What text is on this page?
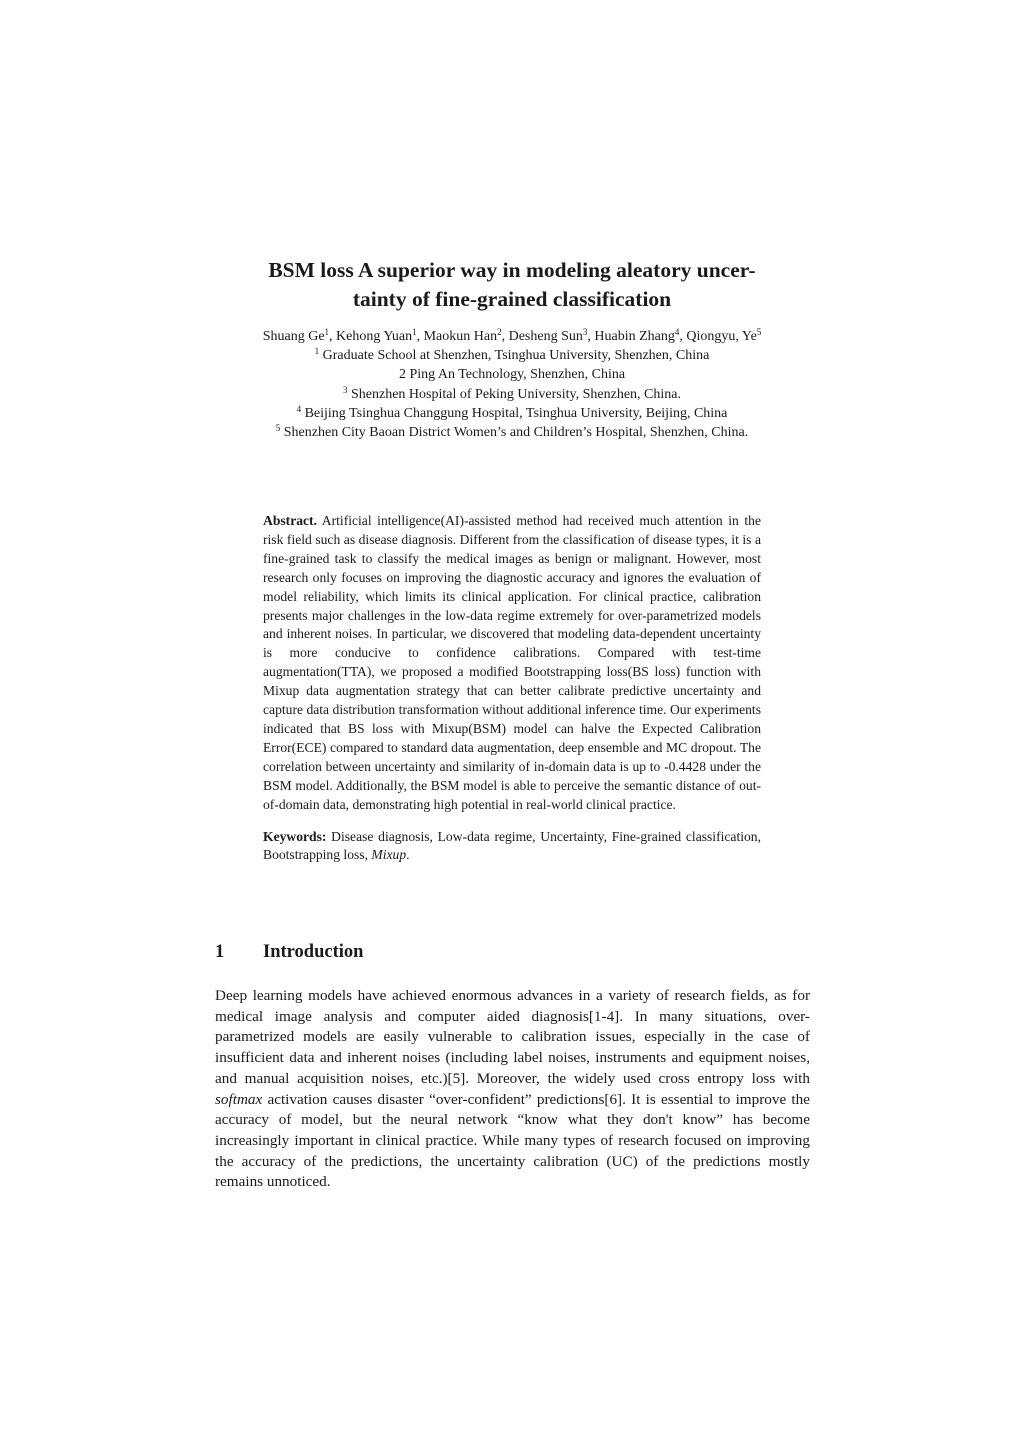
BSM loss A superior way in modeling aleatory uncer-
tainty of fine-grained classification
Shuang Ge$^1$, Kehong Yuan$^1$, Maokun Han$^2$, Desheng Sun$^3$, Huabin Zhang$^4$, Qiongyu, Ye$^5$
$^1$ Graduate School at Shenzhen, Tsinghua University, Shenzhen, China
2 Ping An Technology, Shenzhen, China
$^3$ Shenzhen Hospital of Peking University, Shenzhen, China.
$^4$ Beijing Tsinghua Changgung Hospital, Tsinghua University, Beijing, China
$^5$ Shenzhen City Baoan District Women’s and Children’s Hospital, Shenzhen, China.

Abstract. Artificial intelligence(AI)-assisted method had received much attention in the risk field such as disease diagnosis. Different from the classification of disease types, it is a fine-grained task to classify the medical images as benign or malignant. However, most research only focuses on improving the diagnostic accuracy and ignores the evaluation of model reliability, which limits its clinical application. For clinical practice, calibration presents major challenges in the low-data regime extremely for over-parametrized models and inherent noises. In particular, we discovered that modeling data-dependent uncertainty is more conducive to confidence calibrations. Compared with test-time augmentation(TTA), we proposed a modified Bootstrapping loss(BS loss) function with Mixup data augmentation strategy that can better calibrate predictive uncertainty and capture data distribution transformation without additional inference time. Our experiments indicated that BS loss with Mixup(BSM) model can halve the Expected Calibration Error(ECE) compared to standard data augmentation, deep ensemble and MC dropout. The correlation between uncertainty and similarity of in-domain data is up to -0.4428 under the BSM model. Additionally, the BSM model is able to perceive the semantic distance of out-of-domain data, demonstrating high potential in real-world clinical practice.

Keywords: Disease diagnosis, Low-data regime, Uncertainty, Fine-grained classification, Bootstrapping loss, Mixup.

1 Introduction

Deep learning models have achieved enormous advances in a variety of research fields, as for medical image analysis and computer aided diagnosis[1-4]. In many situations, over-parametrized models are easily vulnerable to calibration issues, especially in the case of insufficient data and inherent noises (including label noises, instruments and equipment noises, and manual acquisition noises, etc.)[5]. Moreover, the widely used cross entropy loss with softmax activation causes disaster “over-confident” predictions[6]. It is essential to improve the accuracy of model, but the neural network “know what they don't know” has become increasingly important in clinical practice. While many types of research focused on improving the accuracy of the predictions, the uncertainty calibration (UC) of the predictions mostly remains unnoticed.
